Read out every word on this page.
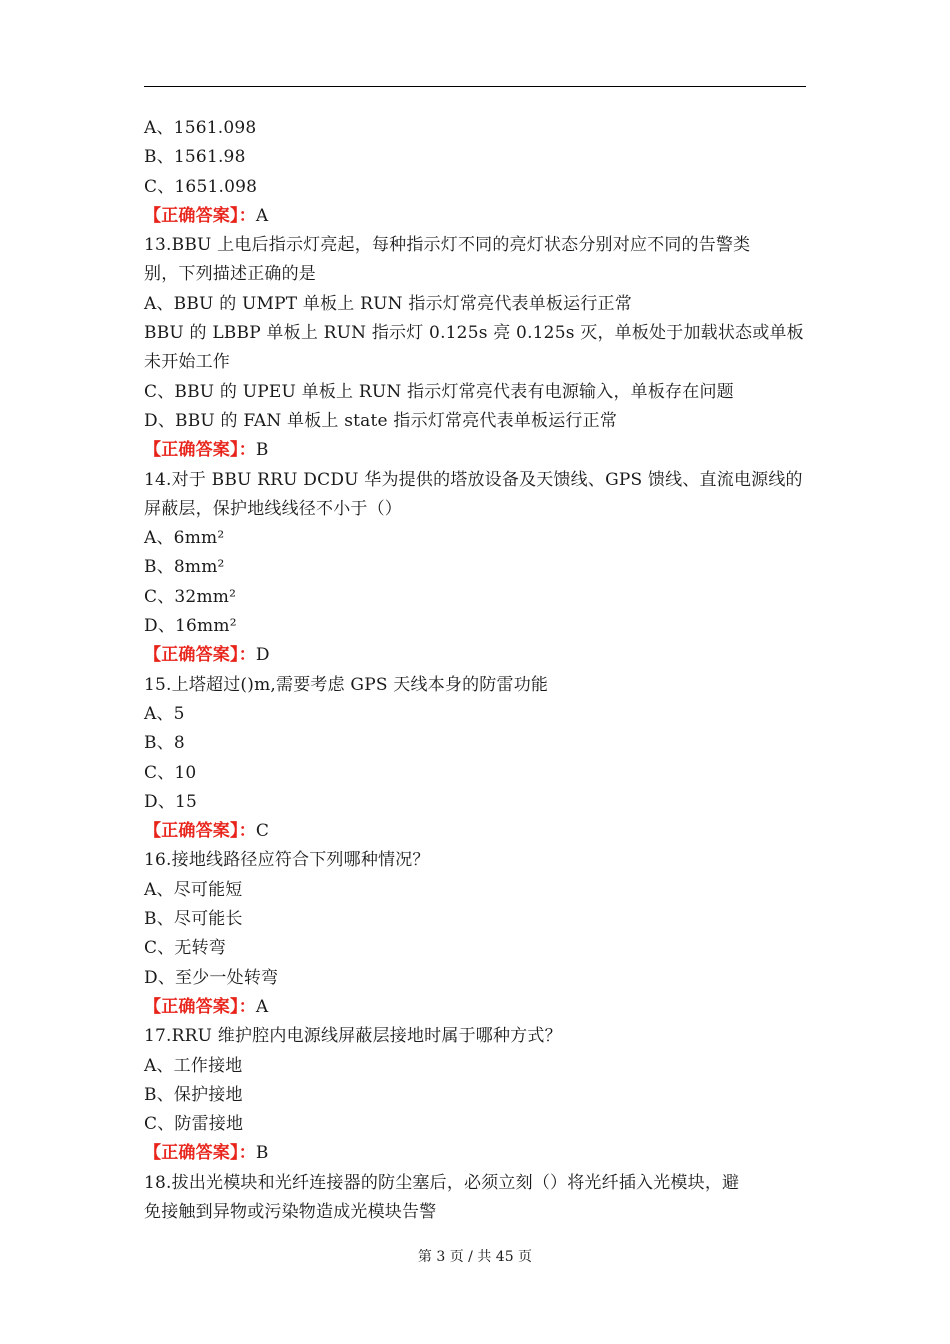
A、1561.098
B、1561.98
C、1651.098
【正确答案】：A
13.BBU 上电后指示灯亮起，每种指示灯不同的亮灯状态分别对应不同的告警类
别，下列描述正确的是
A、BBU 的 UMPT 单板上 RUN 指示灯常亮代表单板运行正常
BBU 的 LBBP 单板上 RUN 指示灯 0.125s 亮 0.125s 灭，单板处于加载状态或单板
未开始工作
C、BBU 的 UPEU 单板上 RUN 指示灯常亮代表有电源输入，单板存在问题
D、BBU 的 FAN 单板上 state 指示灯常亮代表单板运行正常
【正确答案】：B
14.对于 BBU RRU DCDU 华为提供的塔放设备及天馈线、GPS 馈线、直流电源线的
屏蔽层，保护地线线径不小于（）
A、6mm²
B、8mm²
C、32mm²
D、16mm²
【正确答案】：D
15.上塔超过()m,需要考虑 GPS 天线本身的防雷功能
A、5
B、8
C、10
D、15
【正确答案】：C
16.接地线路径应符合下列哪种情况？
A、尽可能短
B、尽可能长
C、无转弯
D、至少一处转弯
【正确答案】：A
17.RRU 维护腔内电源线屏蔽层接地时属于哪种方式？
A、工作接地
B、保护接地
C、防雷接地
【正确答案】：B
18.拔出光模块和光纤连接器的防尘塞后，必须立刻（）将光纤插入光模块，避
免接触到异物或污染物造成光模块告警
第 3 页 / 共 45 页
